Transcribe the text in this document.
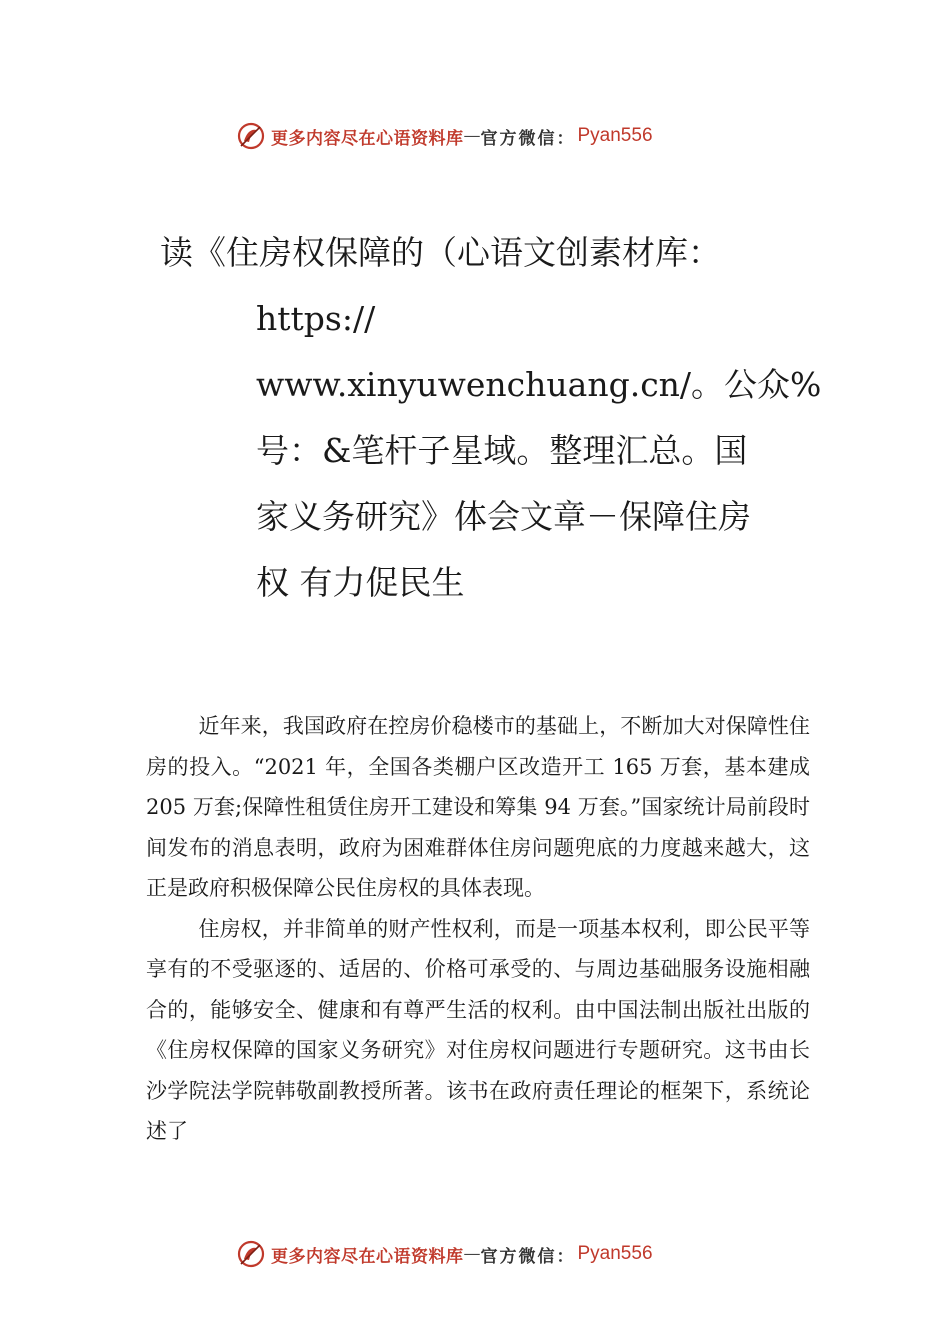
更多内容尽在心语资料库 — 官方微信： Pyan556
读《住房权保障的（心语文创素材库：
https://
www.xinyuwenchuang.cn/。公众%
号：&笔杆子星域。整理汇总。国
家义务研究》体会文章－保障住房
权 有力促民生

近年来，我国政府在控房价稳楼市的基础上，不断加大对保障性住房的投入。“2021 年，全国各类棚户区改造开工 165 万套，基本建成 205 万套;保障性租赁住房开工建设和筹集 94 万套。”国家统计局前段时间发布的消息表明，政府为困难群体住房问题兜底的力度越来越大，这正是政府积极保障公民住房权的具体表现。

住房权，并非简单的财产性权利，而是一项基本权利，即公民平等享有的不受驱逐的、适居的、价格可承受的、与周边基础服务设施相融合的，能够安全、健康和有尊严生活的权利。由中国法制出版社出版的《住房权保障的国家义务研究》对住房权问题进行专题研究。这书由长沙学院法学院韩敬副教授所著。该书在政府责任理论的框架下，系统论述了

更多内容尽在心语资料库 — 官方微信： Pyan556
